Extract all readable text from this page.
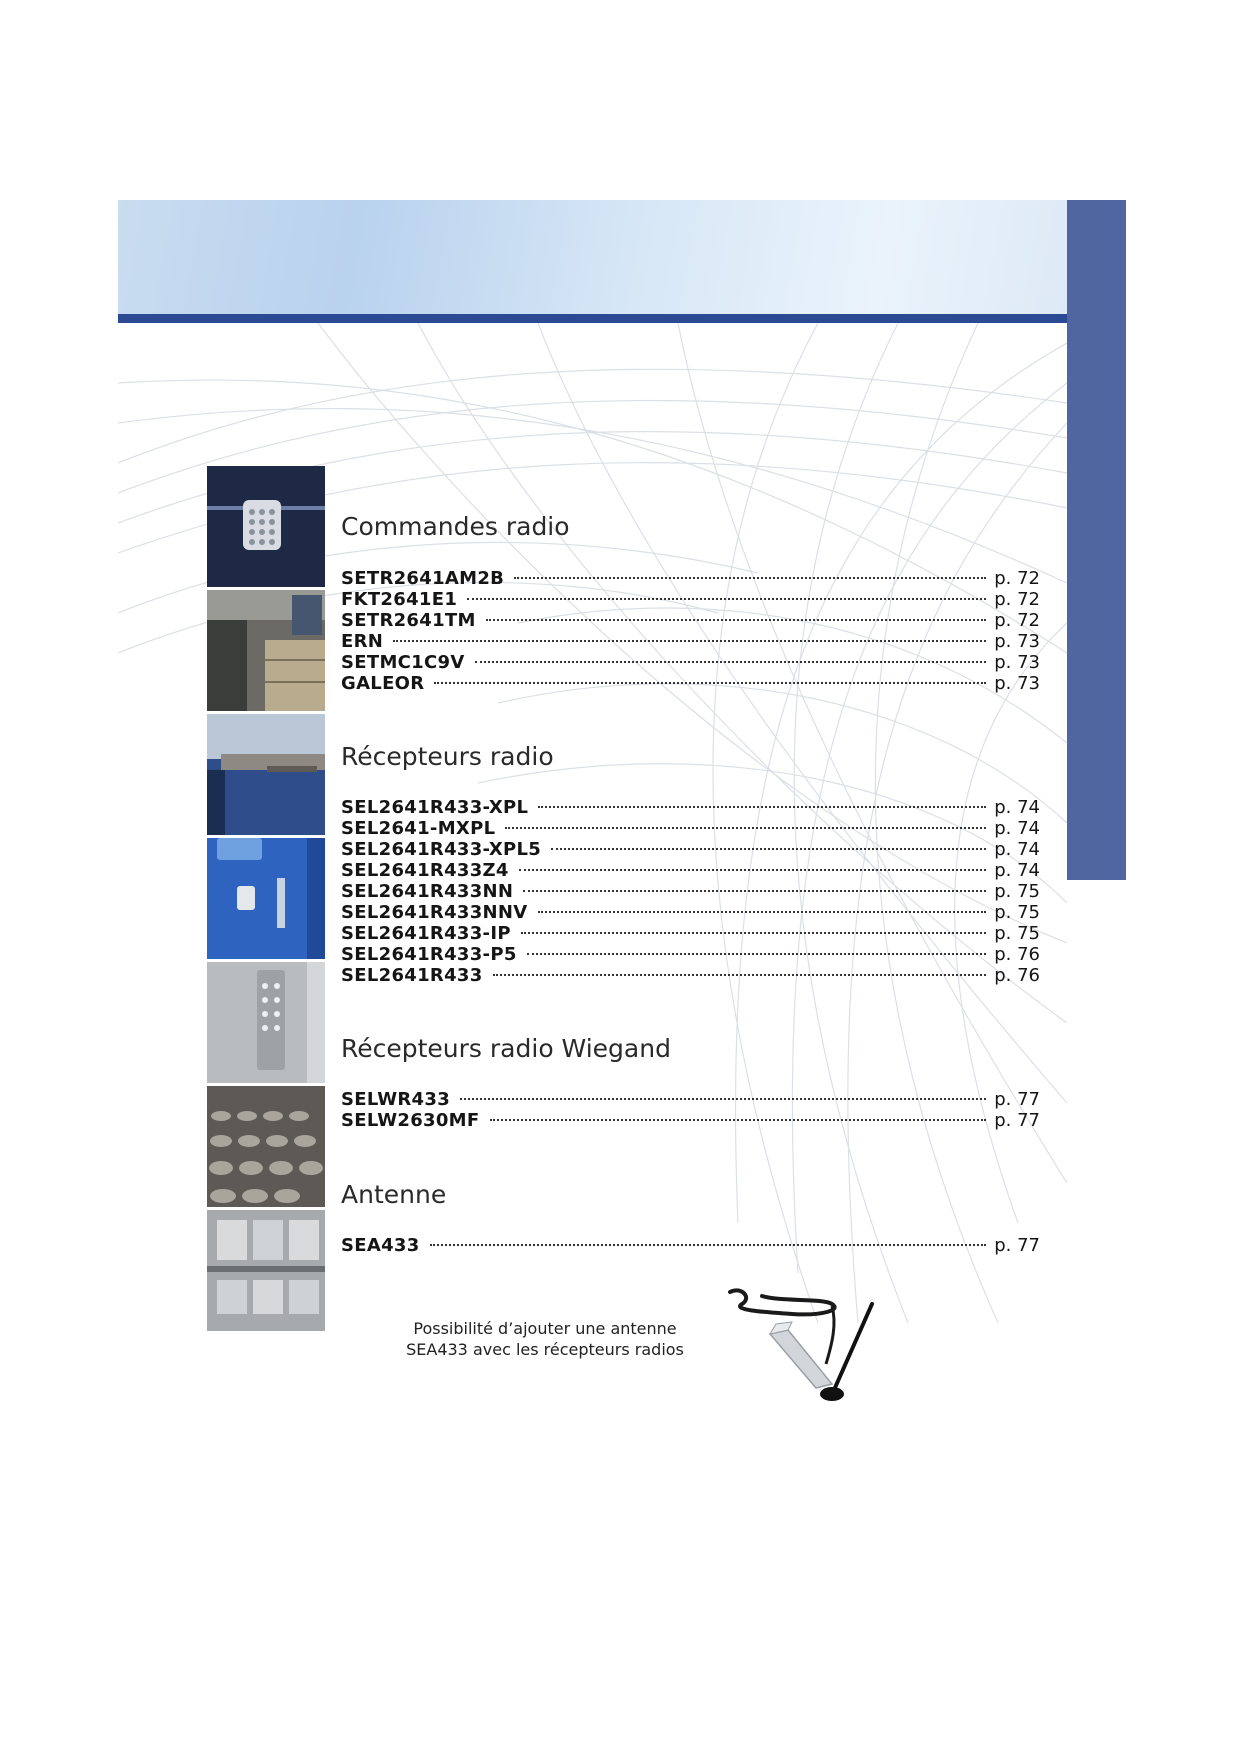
Commandes radio
SETR2641AM2B	p. 72
FKT2641E1	p. 72
SETR2641TM	p. 72
ERN	p. 73
SETMC1C9V	p. 73
GALEOR	p. 73
Récepteurs radio
SEL2641R433-XPL	p. 74
SEL2641-MXPL	p. 74
SEL2641R433-XPL5	p. 74
SEL2641R433Z4	p. 74
SEL2641R433NN	p. 75
SEL2641R433NNV	p. 75
SEL2641R433-IP	p. 75
SEL2641R433-P5	p. 76
SEL2641R433	p. 76
Récepteurs radio Wiegand
SELWR433	p. 77
SELW2630MF	p. 77
Antenne
SEA433	p. 77
Possibilité d’ajouter une antenne
SEA433 avec les récepteurs radios
